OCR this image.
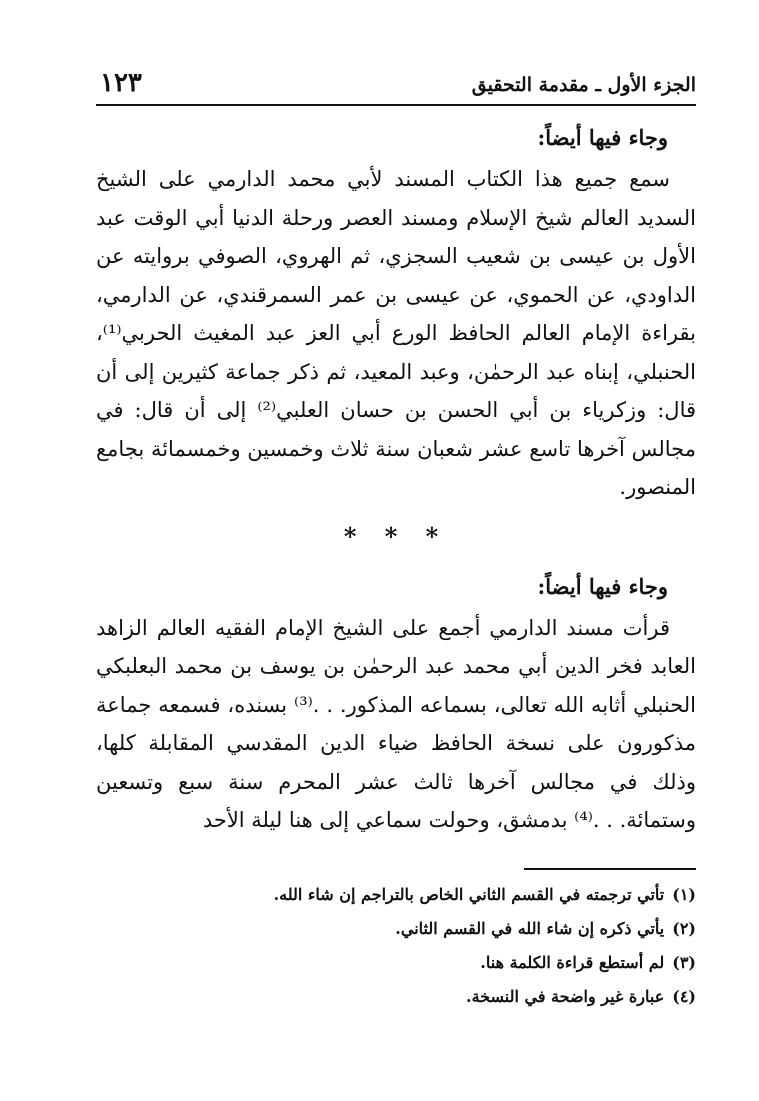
الجزء الأول ـ مقدمة التحقيق
١٢٣
وجاء فيها أيضاً:

سمع جميع هذا الكتاب المسند لأبي محمد الدارمي على الشيخ السديد العالم شيخ الإسلام ومسند العصر ورحلة الدنيا أبي الوقت عبد الأول بن عيسى بن شعيب السجزي، ثم الهروي، الصوفي بروايته عن الداودي، عن الحموي، عن عيسى بن عمر السمرقندي، عن الدارمي، بقراءة الإمام العالم الحافظ الورع أبي العز عبد المغيث الحربي⁽¹⁾، الحنبلي، إبناه عبد الرحمٰن، وعبد المعيد، ثم ذكر جماعة كثيرين إلى أن قال: وزكرياء بن أبي الحسن بن حسان العلبي⁽²⁾ إلى أن قال: في مجالس آخرها تاسع عشر شعبان سنة ثلاث وخمسين وخمسمائة بجامع المنصور.

* * *
وجاء فيها أيضاً:

قرأت مسند الدارمي أجمع على الشيخ الإمام الفقيه العالم الزاهد العابد فخر الدين أبي محمد عبد الرحمٰن بن يوسف بن محمد البعلبكي الحنبلي أثابه الله تعالى، بسماعه المذكور. . .⁽³⁾ بسنده، فسمعه جماعة مذكورون على نسخة الحافظ ضياء الدين المقدسي المقابلة كلها، وذلك في مجالس آخرها ثالث عشر المحرم سنة سبع وتسعين وستمائة. . .⁽⁴⁾ بدمشق، وحولت سماعي إلى هنا ليلة الأحد

(١)تأتي ترجمته في القسم الثاني الخاص بالتراجم إن شاء الله.
(٢)يأتي ذكره إن شاء الله في القسم الثاني.
(٣)لم أستطع قراءة الكلمة هنا.
(٤)عبارة غير واضحة في النسخة.
